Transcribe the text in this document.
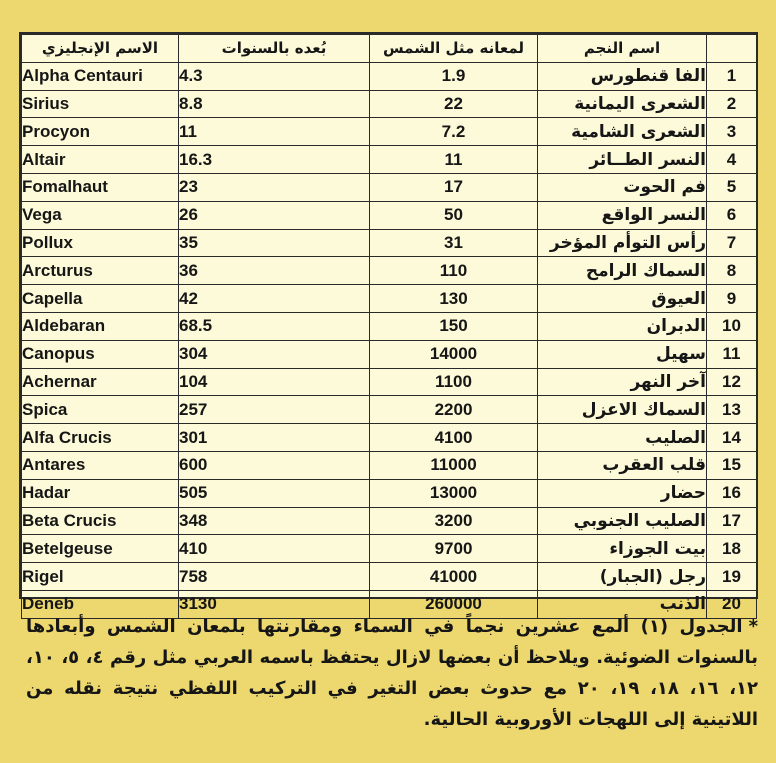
الاسم الإنجليزي	بُعده بالسنوات	لمعانه مثل الشمس	اسم النجم	
Alpha Centauri	4.3	1.9	الفا قنطورس	1
Sirius	8.8	22	الشعرى اليمانية	2
Procyon	11	7.2	الشعرى الشامية	3
Altair	16.3	11	النسر الطــائر	4
Fomalhaut	23	17	فم الحوت	5
Vega	26	50	النسر الواقع	6
Pollux	35	31	رأس التوأم المؤخر	7
Arcturus	36	110	السماك الرامح	8
Capella	42	130	العيوق	9
Aldebaran	68.5	150	الدبران	10
Canopus	304	14000	سهيل	11
Achernar	104	1100	آخر النهر	12
Spica	257	2200	السماك الاعزل	13
Alfa Crucis	301	4100	الصليب	14
Antares	600	11000	قلب العقرب	15
Hadar	505	13000	حضار	16
Beta Crucis	348	3200	الصليب الجنوبي	17
Betelgeuse	410	9700	بيت الجوزاء	18
Rigel	758	41000	رجل (الجبار)	19
Deneb	3130	260000	الذنب	20
*الجدول (١) ألمع عشرين نجماً في السماء ومقارنتها بلمعان الشمس وأبعادها بالسنوات الضوئية. ويلاحظ أن بعضها لازال يحتفظ باسمه العربي مثل رقم ٤، ٥، ١٠، ١٢، ١٦، ١٨، ١٩، ٢٠ مع حدوث بعض التغير في التركيب اللفظي نتيجة نقله من اللاتينية إلى اللهجات الأوروبية الحالية.
